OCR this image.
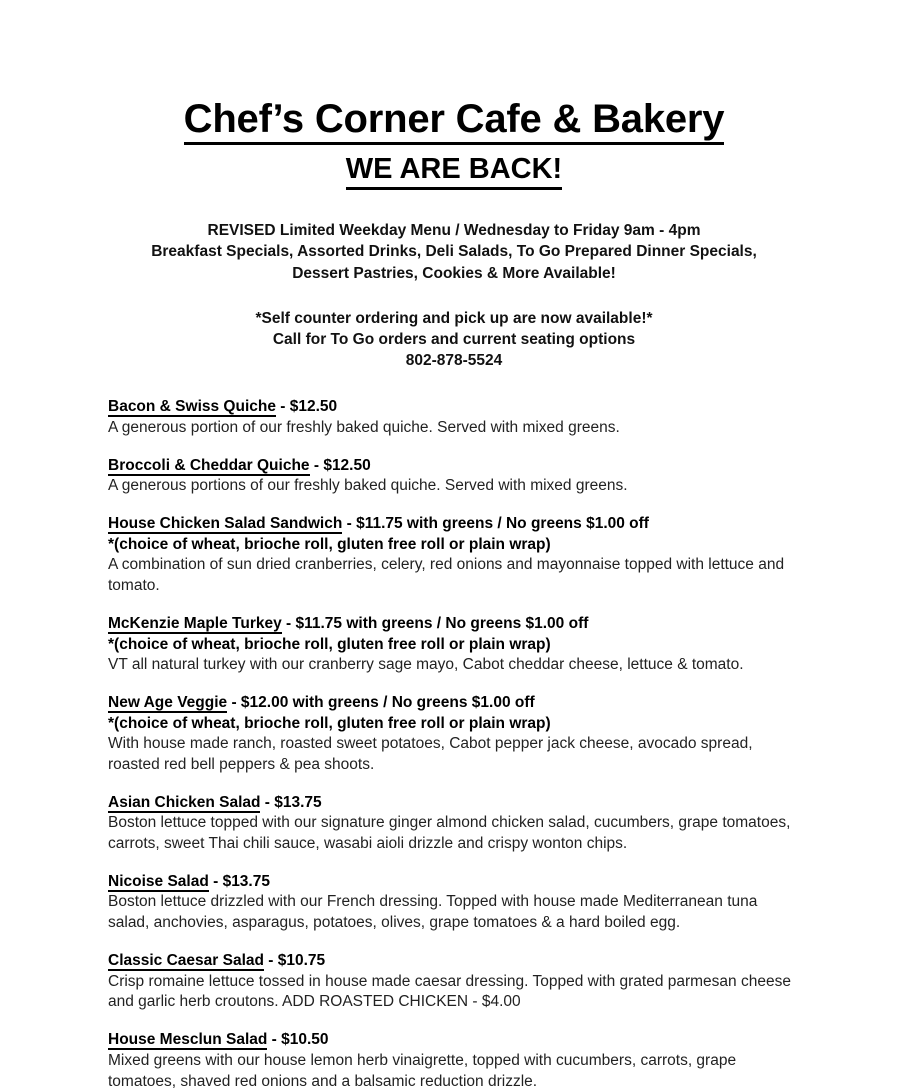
Chef’s Corner Cafe & Bakery
WE ARE BACK!
REVISED Limited Weekday Menu / Wednesday to Friday 9am - 4pm
Breakfast Specials, Assorted Drinks, Deli Salads, To Go Prepared Dinner Specials,
Dessert Pastries, Cookies & More Available!
*Self counter ordering and pick up are now available!*
Call for To Go orders and current seating options
802-878-5524

Bacon & Swiss Quiche - $12.50

A generous portion of our freshly baked quiche. Served with mixed greens.

Broccoli & Cheddar Quiche - $12.50

A generous portions of our freshly baked quiche. Served with mixed greens.

House Chicken Salad Sandwich - $11.75 with greens / No greens $1.00 off

*(choice of wheat, brioche roll, gluten free roll or plain wrap)

A combination of sun dried cranberries, celery, red onions and mayonnaise topped with lettuce and tomato.

McKenzie Maple Turkey - $11.75 with greens / No greens $1.00 off

*(choice of wheat, brioche roll, gluten free roll or plain wrap)

VT all natural turkey with our cranberry sage mayo, Cabot cheddar cheese, lettuce & tomato.

New Age Veggie - $12.00 with greens / No greens $1.00 off

*(choice of wheat, brioche roll, gluten free roll or plain wrap)

With house made ranch, roasted sweet potatoes, Cabot pepper jack cheese, avocado spread, roasted red bell peppers & pea shoots.

Asian Chicken Salad - $13.75

Boston lettuce topped with our signature ginger almond chicken salad, cucumbers, grape tomatoes, carrots, sweet Thai chili sauce, wasabi aioli drizzle and crispy wonton chips.

Nicoise Salad - $13.75

Boston lettuce drizzled with our French dressing. Topped with house made Mediterranean tuna salad, anchovies, asparagus, potatoes, olives, grape tomatoes & a hard boiled egg.

Classic Caesar Salad - $10.75

Crisp romaine lettuce tossed in house made caesar dressing. Topped with grated parmesan cheese and garlic herb croutons. ADD ROASTED CHICKEN - $4.00

House Mesclun Salad - $10.50

Mixed greens with our house lemon herb vinaigrette, topped with cucumbers, carrots, grape tomatoes, shaved red onions and a balsamic reduction drizzle.
